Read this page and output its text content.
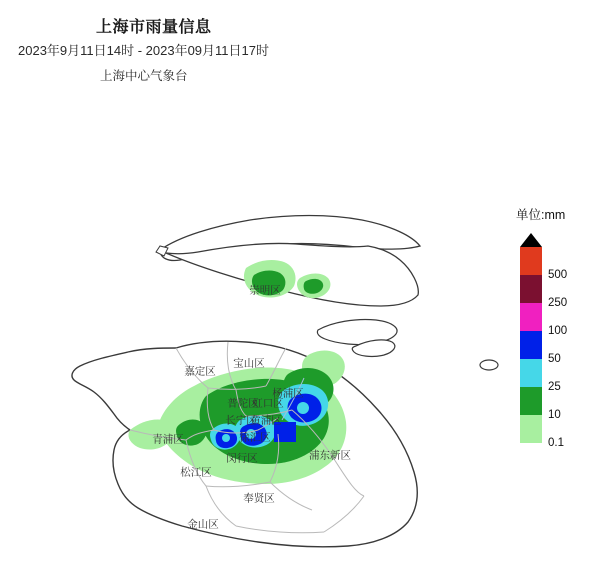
上海市雨量信息
2023年9月11日14时 - 2023年09月11日17时
上海中心气象台
崇明区
嘉定区
宝山区
普陀区
虹口区
杨浦区
长宁区
黄浦区
青浦区	徐汇区
松江区
闵行区	浦东新区
奉贤区
金山区
单位:mm
500
250
100
50
25
10
0.1
